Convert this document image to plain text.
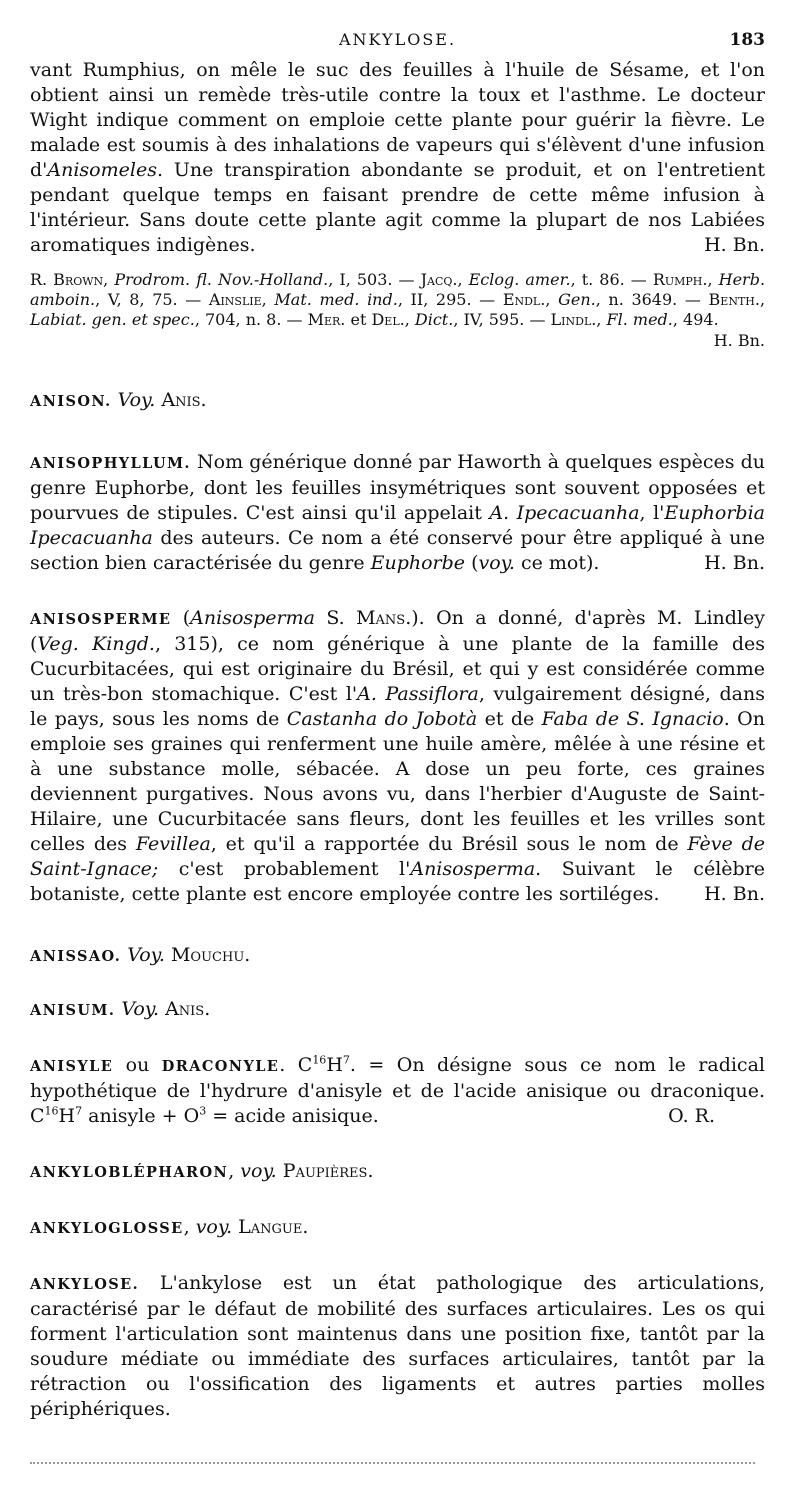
ANKYLOSE.	183

vant Rumphius, on mêle le suc des feuilles à l'huile de Sésame, et l'on obtient ainsi un remède très-utile contre la toux et l'asthme. Le docteur Wight indique comment on emploie cette plante pour guérir la fièvre. Le malade est soumis à des inhalations de vapeurs qui s'élèvent d'une infusion d'Anisomeles. Une transpiration abondante se produit, et on l'entretient pendant quelque temps en faisant prendre de cette même infusion à l'intérieur. Sans doute cette plante agit comme la plupart de nos Labiées aromatiques indigènes.	H. Bn.

R. Brown, Prodrom. fl. Nov.-Holland., I, 503. — Jacq., Eclog. amer., t. 86. — Rumph., Herb. amboin., V, 8, 75. — Ainslie, Mat. med. ind., II, 295. — Endl., Gen., n. 3649. — Benth., Labiat. gen. et spec., 704, n. 8. — Mer. et Del., Dict., IV, 595. — Lindl., Fl. med., 494.
H. Bn.

ANISON. Voy. Anis.

ANISOPHYLLUM. Nom générique donné par Haworth à quelques espèces du genre Euphorbe, dont les feuilles insymétriques sont souvent opposées et pourvues de stipules. C'est ainsi qu'il appelait A. Ipecacuanha, l'Euphorbia Ipecacuanha des auteurs. Ce nom a été conservé pour être appliqué à une section bien caractérisée du genre Euphorbe (voy. ce mot).	H. Bn.

ANISOSPERME (Anisosperma S. Mans.). On a donné, d'après M. Lindley (Veg. Kingd., 315), ce nom générique à une plante de la famille des Cucurbitacées, qui est originaire du Brésil, et qui y est considérée comme un très-bon stomachique. C'est l'A. Passiflora, vulgairement désigné, dans le pays, sous les noms de Castanha do Jobotà et de Faba de S. Ignacio. On emploie ses graines qui renferment une huile amère, mêlée à une résine et à une substance molle, sébacée. A dose un peu forte, ces graines deviennent purgatives. Nous avons vu, dans l'herbier d'Auguste de Saint-Hilaire, une Cucurbitacée sans fleurs, dont les feuilles et les vrilles sont celles des Fevillea, et qu'il a rapportée du Brésil sous le nom de Fève de Saint-Ignace; c'est probablement l'Anisosperma. Suivant le célèbre botaniste, cette plante est encore employée contre les sortiléges. H. Bn.

ANISSAO. Voy. Mouchu.

ANISUM. Voy. Anis.

ANISYLE ou DRACONYLE. $C^{16}H^7$. = On désigne sous ce nom le radical hypothétique de l'hydrure d'anisyle et de l'acide anisique ou draconique. $C^{16}H^7$ anisyle + $O^3$ = acide anisique.	O. R.

ANKYLOBLÉPHARON, voy. Paupières.

ANKYLOGLOSSE, voy. Langue.

ANKYLOSE. L'ankylose est un état pathologique des articulations, caractérisé par le défaut de mobilité des surfaces articulaires. Les os qui forment l'articulation sont maintenus dans une position fixe, tantôt par la soudure médiate ou immédiate des surfaces articulaires, tantôt par la rétraction ou l'ossification des ligaments et autres parties molles périphériques.
